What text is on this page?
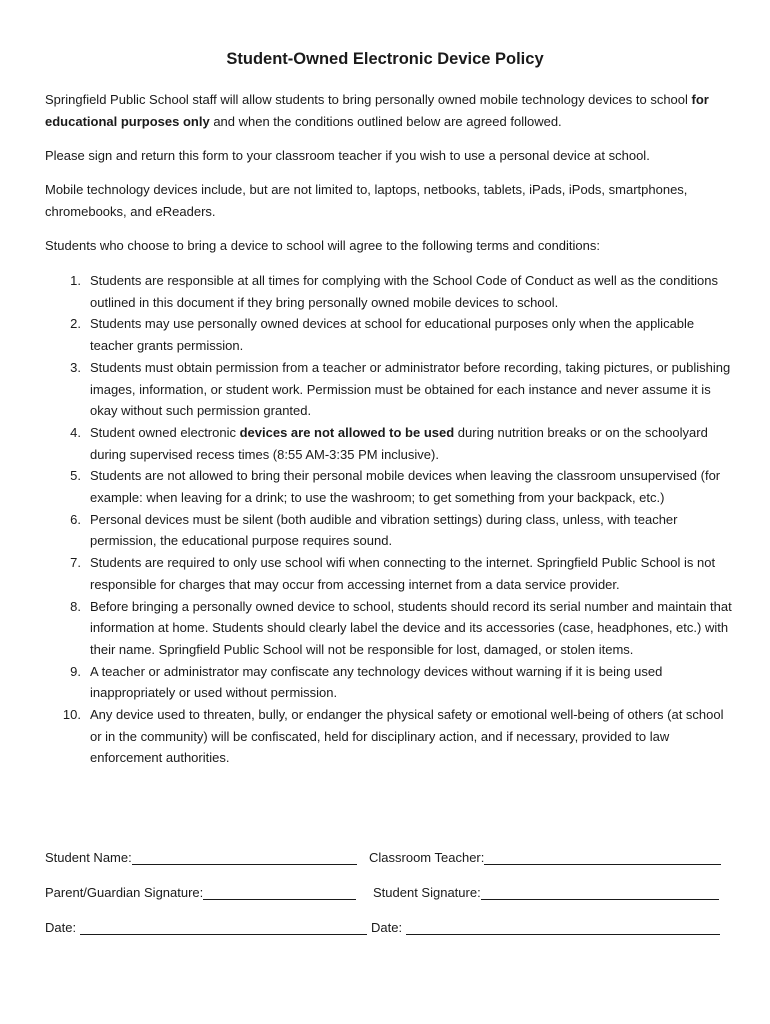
Student-Owned Electronic Device Policy

Springfield Public School staff will allow students to bring personally owned mobile technology devices to school for educational purposes only and when the conditions outlined below are agreed followed.

Please sign and return this form to your classroom teacher if you wish to use a personal device at school.

Mobile technology devices include, but are not limited to, laptops, netbooks, tablets, iPads, iPods, smartphones, chromebooks, and eReaders.

Students who choose to bring a device to school will agree to the following terms and conditions:

1. Students are responsible at all times for complying with the School Code of Conduct as well as the conditions outlined in this document if they bring personally owned mobile devices to school.
2. Students may use personally owned devices at school for educational purposes only when the applicable teacher grants permission.
3. Students must obtain permission from a teacher or administrator before recording, taking pictures, or publishing images, information, or student work. Permission must be obtained for each instance and never assume it is okay without such permission granted.
4. Student owned electronic devices are not allowed to be used during nutrition breaks or on the schoolyard during supervised recess times (8:55 AM-3:35 PM inclusive).
5. Students are not allowed to bring their personal mobile devices when leaving the classroom unsupervised (for example: when leaving for a drink; to use the washroom; to get something from your backpack, etc.)
6. Personal devices must be silent (both audible and vibration settings) during class, unless, with teacher permission, the educational purpose requires sound.
7. Students are required to only use school wifi when connecting to the internet. Springfield Public School is not responsible for charges that may occur from accessing internet from a data service provider.
8. Before bringing a personally owned device to school, students should record its serial number and maintain that information at home. Students should clearly label the device and its accessories (case, headphones, etc.) with their name. Springfield Public School will not be responsible for lost, damaged, or stolen items.
9. A teacher or administrator may confiscate any technology devices without warning if it is being used inappropriately or used without permission.
10. Any device used to threaten, bully, or endanger the physical safety or emotional well-being of others (at school or in the community) will be confiscated, held for disciplinary action, and if necessary, provided to law enforcement authorities.
Student Name:	Classroom Teacher:
Parent/Guardian Signature:	Student Signature:
Date:	Date:
